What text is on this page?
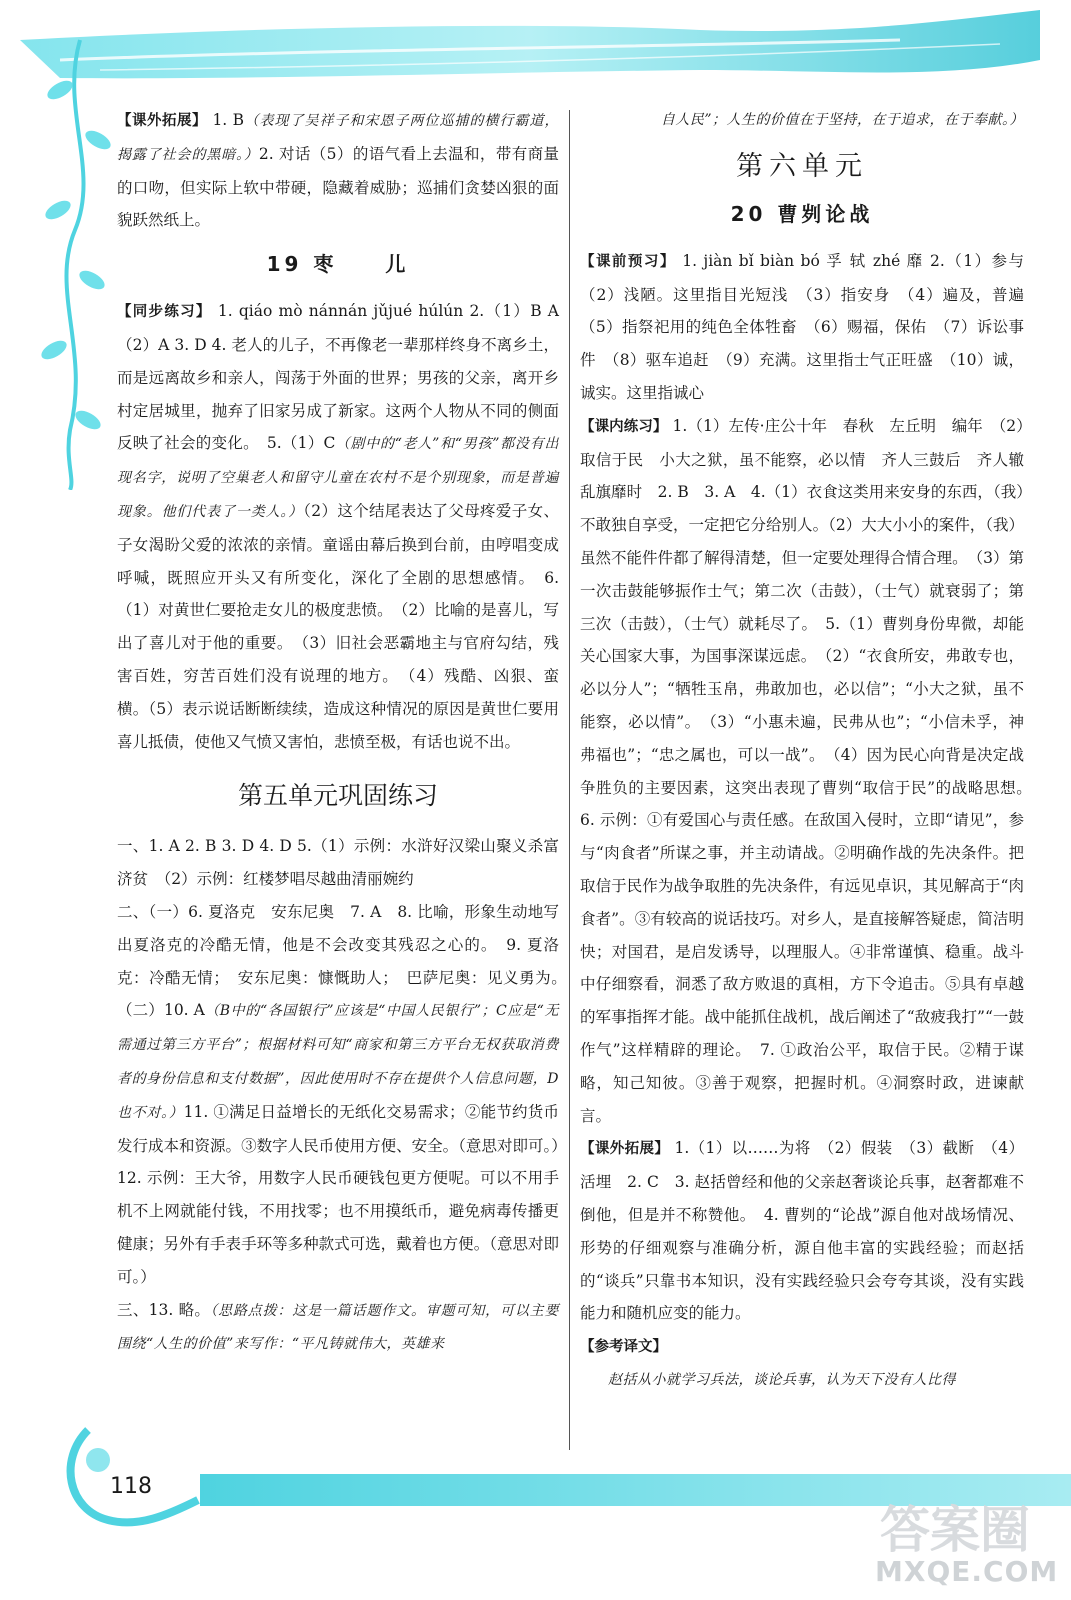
【课外拓展】 1. B（表现了吴祥子和宋恩子两位巡捕的横行霸道，揭露了社会的黑暗。）2. 对话（5）的语气看上去温和，带有商量的口吻，但实际上软中带硬，隐藏着威胁；巡捕们贪婪凶狠的面貌跃然纸上。

19 枣　　儿

【同步练习】 1. qiáo mò nánnán jǔjué húlún 2.（1）B A　（2）A 3. D 4. 老人的儿子，不再像老一辈那样终身不离乡土，而是远离故乡和亲人，闯荡于外面的世界；男孩的父亲，离开乡村定居城里，抛弃了旧家另成了新家。这两个人物从不同的侧面反映了社会的变化。　5.（1）C（剧中的“老人”和“男孩”都没有出现名字，说明了空巢老人和留守儿童在农村不是个别现象，而是普遍现象。他们代表了一类人。）（2）这个结尾表达了父母疼爱子女、子女渴盼父爱的浓浓的亲情。童谣由幕后换到台前，由哼唱变成呼喊，既照应开头又有所变化，深化了全剧的思想感情。　6.（1）对黄世仁要抢走女儿的极度悲愤。　（2）比喻的是喜儿，写出了喜儿对于他的重要。　（3）旧社会恶霸地主与官府勾结，残害百姓，穷苦百姓们没有说理的地方。　（4）残酷、凶狠、蛮横。（5）表示说话断断续续，造成这种情况的原因是黄世仁要用喜儿抵债，使他又气愤又害怕，悲愤至极，有话也说不出。

第五单元巩固练习

一、1. A 2. B 3. D 4. D 5.（1）示例：水浒好汉梁山聚义杀富济贫　（2）示例：红楼梦唱尽越曲清丽婉约

二、（一）6. 夏洛克　安东尼奥　7. A　8. 比喻，形象生动地写出夏洛克的冷酷无情，他是不会改变其残忍之心的。　9. 夏洛克：冷酷无情；　安东尼奥：慷慨助人；　巴萨尼奥：见义勇为。　（二）10. A（B中的“各国银行”应该是“中国人民银行”；C应是“无需通过第三方平台”；根据材料可知“商家和第三方平台无权获取消费者的身份信息和支付数据”，因此使用时不存在提供个人信息问题，D也不对。）11. ①满足日益增长的无纸化交易需求；②能节约货币发行成本和资源。③数字人民币使用方便、安全。（意思对即可。）　12. 示例：王大爷，用数字人民币硬钱包更方便呢。可以不用手机不上网就能付钱，不用找零；也不用摸纸币，避免病毒传播更健康；另外有手表手环等多种款式可选，戴着也方便。（意思对即可。）

三、13. 略。（思路点拨：这是一篇话题作文。审题可知，可以主要围绕“人生的价值”来写作：“平凡铸就伟大，英雄来

自人民”；人生的价值在于坚持，在于追求，在于奉献。）

第六单元
20 曹刿论战

【课前预习】 1. jiàn bǐ biàn bó 孚 轼 zhé 靡 2.（1）参与　（2）浅陋。这里指目光短浅　（3）指安身　（4）遍及，普遍　（5）指祭祀用的纯色全体牲畜　（6）赐福，保佑　（7）诉讼事件　（8）驱车追赶　（9）充满。这里指士气正旺盛　（10）诚，诚实。这里指诚心

【课内练习】 1.（1）左传·庄公十年　春秋　左丘明　编年　（2）取信于民　小大之狱，虽不能察，必以情　齐人三鼓后　齐人辙乱旗靡时　2. B　3. A　4.（1）衣食这类用来安身的东西，（我）不敢独自享受，一定把它分给别人。（2）大大小小的案件，（我）虽然不能件件都了解得清楚，但一定要处理得合情合理。　（3）第一次击鼓能够振作士气；第二次（击鼓），（士气）就衰弱了；第三次（击鼓），（士气）就耗尽了。　5.（1）曹刿身份卑微，却能关心国家大事，为国事深谋远虑。　（2）“衣食所安，弗敢专也，必以分人”；“牺牲玉帛，弗敢加也，必以信”；“小大之狱，虽不能察，必以情”。　（3）“小惠未遍，民弗从也”；“小信未孚，神弗福也”；“忠之属也，可以一战”。　（4）因为民心向背是决定战争胜负的主要因素，这突出表现了曹刿“取信于民”的战略思想。　6. 示例：①有爱国心与责任感。在敌国入侵时，立即“请见”，参与“肉食者”所谋之事，并主动请战。②明确作战的先决条件。把取信于民作为战争取胜的先决条件，有远见卓识，其见解高于“肉食者”。③有较高的说话技巧。对乡人，是直接解答疑虑，简洁明快；对国君，是启发诱导，以理服人。④非常谨慎、稳重。战斗中仔细察看，洞悉了敌方败退的真相，方下令追击。⑤具有卓越的军事指挥才能。战中能抓住战机，战后阐述了“敌疲我打”“一鼓作气”这样精辟的理论。　7. ①政治公平，取信于民。②精于谋略，知己知彼。③善于观察，把握时机。④洞察时政，进谏献言。

【课外拓展】 1.（1）以……为将　（2）假装　（3）截断　（4）活埋　2. C　3. 赵括曾经和他的父亲赵奢谈论兵事，赵奢都难不倒他，但是并不称赞他。　4. 曹刿的“论战”源自他对战场情况、形势的仔细观察与准确分析，源自他丰富的实践经验；而赵括的“谈兵”只靠书本知识，没有实践经验只会夸夸其谈，没有实践能力和随机应变的能力。

【参考译文】

赵括从小就学习兵法，谈论兵事，认为天下没有人比得

118
答案圈
MXQE.COM
